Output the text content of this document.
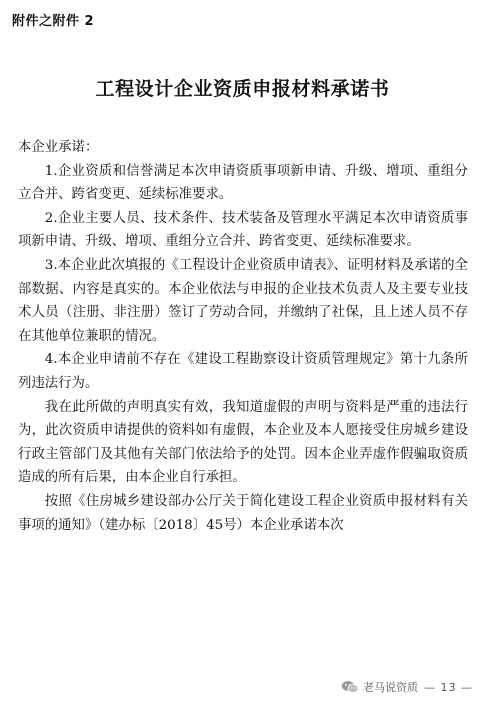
附件之附件 2
工程设计企业资质申报材料承诺书

本企业承诺：

1.企业资质和信誉满足本次申请资质事项新申请、升级、增项、重组分立合并、跨省变更、延续标准要求。

2.企业主要人员、技术条件、技术装备及管理水平满足本次申请资质事项新申请、升级、增项、重组分立合并、跨省变更、延续标准要求。

3.本企业此次填报的《工程设计企业资质申请表》、证明材料及承诺的全部数据、内容是真实的。本企业依法与申报的企业技术负责人及主要专业技术人员（注册、非注册）签订了劳动合同，并缴纳了社保，且上述人员不存在其他单位兼职的情况。

4.本企业申请前不存在《建设工程勘察设计资质管理规定》第十九条所列违法行为。

我在此所做的声明真实有效，我知道虚假的声明与资料是严重的违法行为，此次资质申请提供的资料如有虚假，本企业及本人愿接受住房城乡建设行政主管部门及其他有关部门依法给予的处罚。因本企业弄虚作假骗取资质造成的所有后果，由本企业自行承担。

按照《住房城乡建设部办公厅关于简化建设工程企业资质申报材料有关事项的通知》（建办标〔2018〕45号）本企业承诺本次

老马说资质 — 13 —
